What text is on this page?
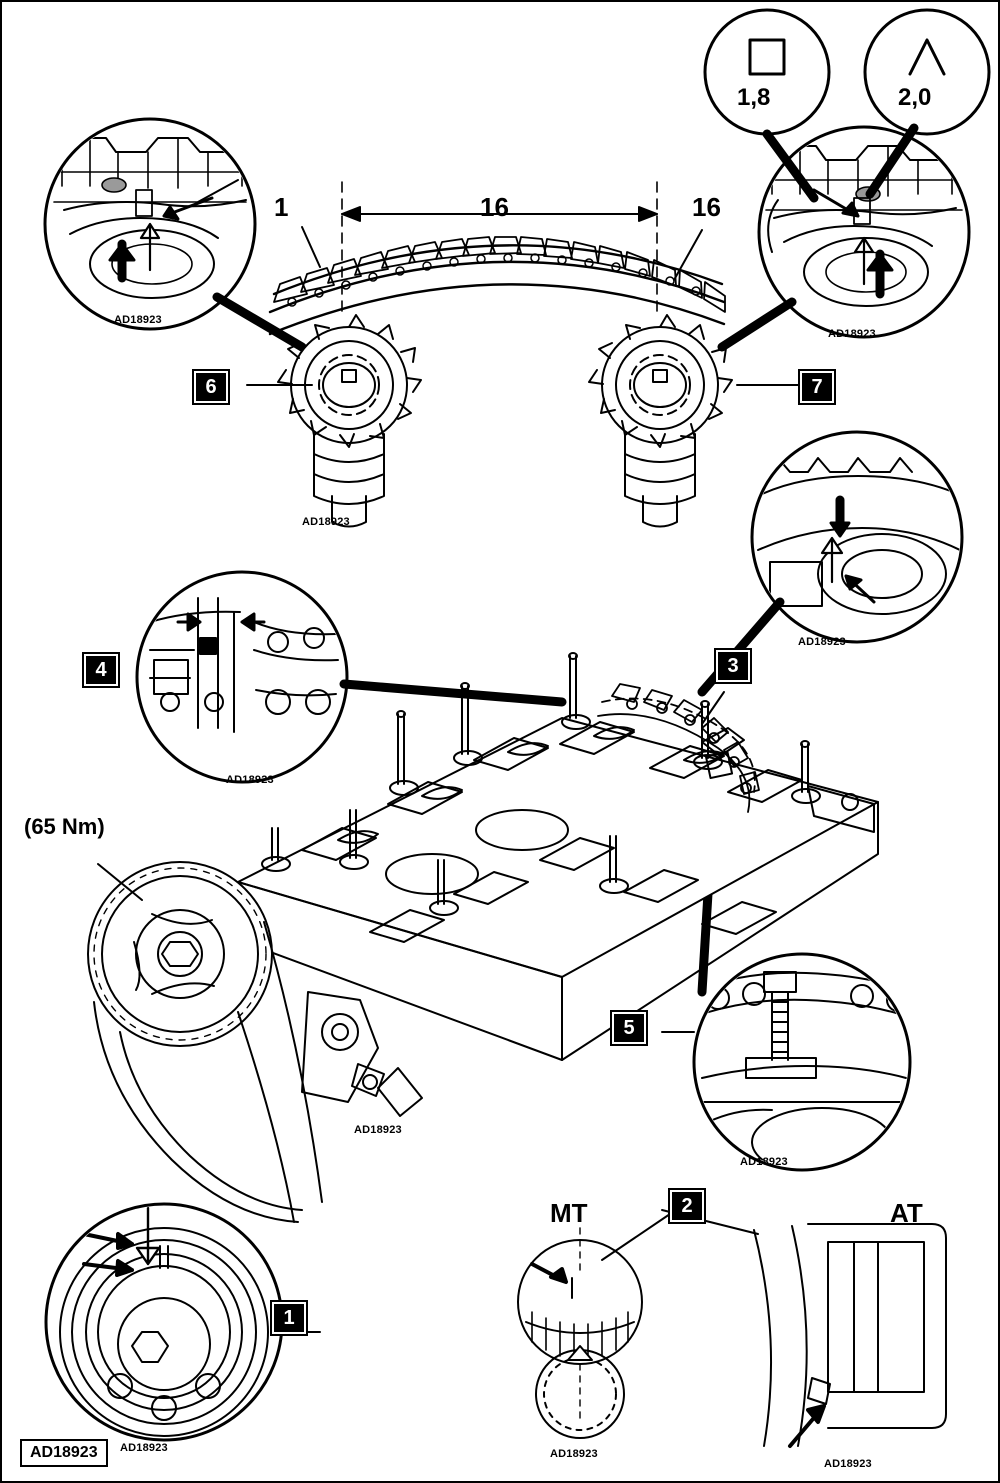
1,8	2,0
16	16
1
(65 Nm)
MT	AT
6	7
4	3
5
1
2
AD18923
AD18923
AD18923
AD18923
AD18923
AD18923
AD18923
AD18923	AD18923
AD18923
AD18923
